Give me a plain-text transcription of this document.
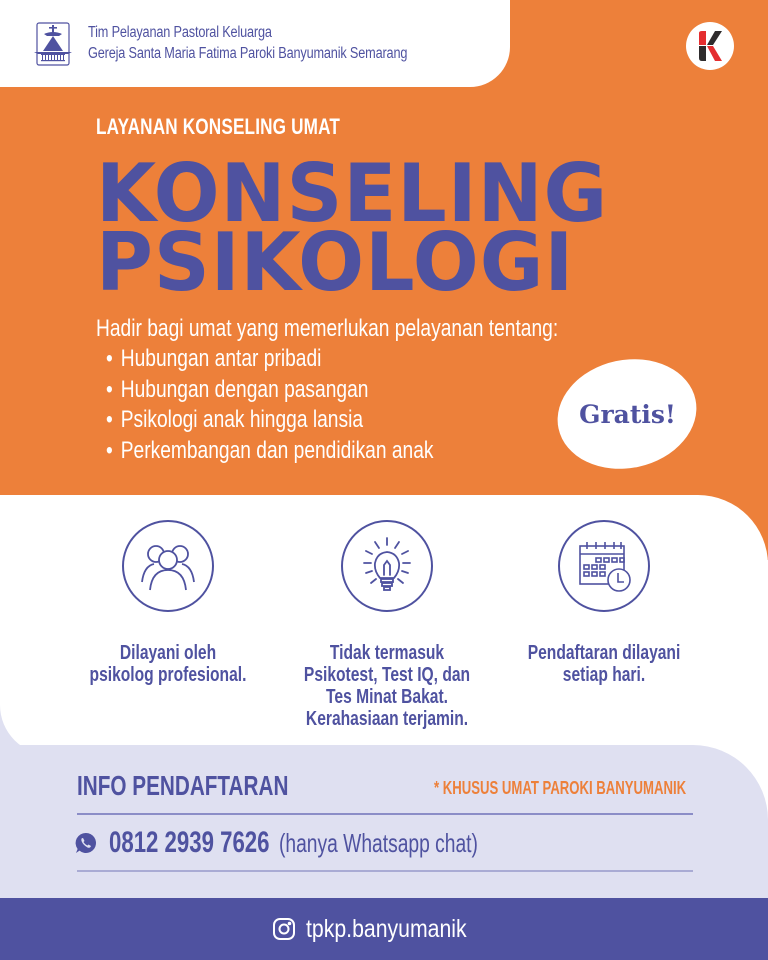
Tim Pelayanan Pastoral Keluarga
Gereja Santa Maria Fatima Paroki Banyumanik Semarang
LAYANAN KONSELING UMAT
KONSELING
PSIKOLOGI
Hadir bagi umat yang memerlukan pelayanan tentang:
• Hubungan antar pribadi
• Hubungan dengan pasangan
• Psikologi anak hingga lansia
• Perkembangan dan pendidikan anak
Gratis!
Dilayani oleh
psikolog profesional.
Tidak termasuk
Psikotest, Test IQ, dan
Tes Minat Bakat.
Kerahasiaan terjamin.
Pendaftaran dilayani
setiap hari.
INFO PENDAFTARAN	* KHUSUS UMAT PAROKI BANYUMANIK
0812 2939 7626 (hanya Whatsapp chat)
tpkp.banyumanik
